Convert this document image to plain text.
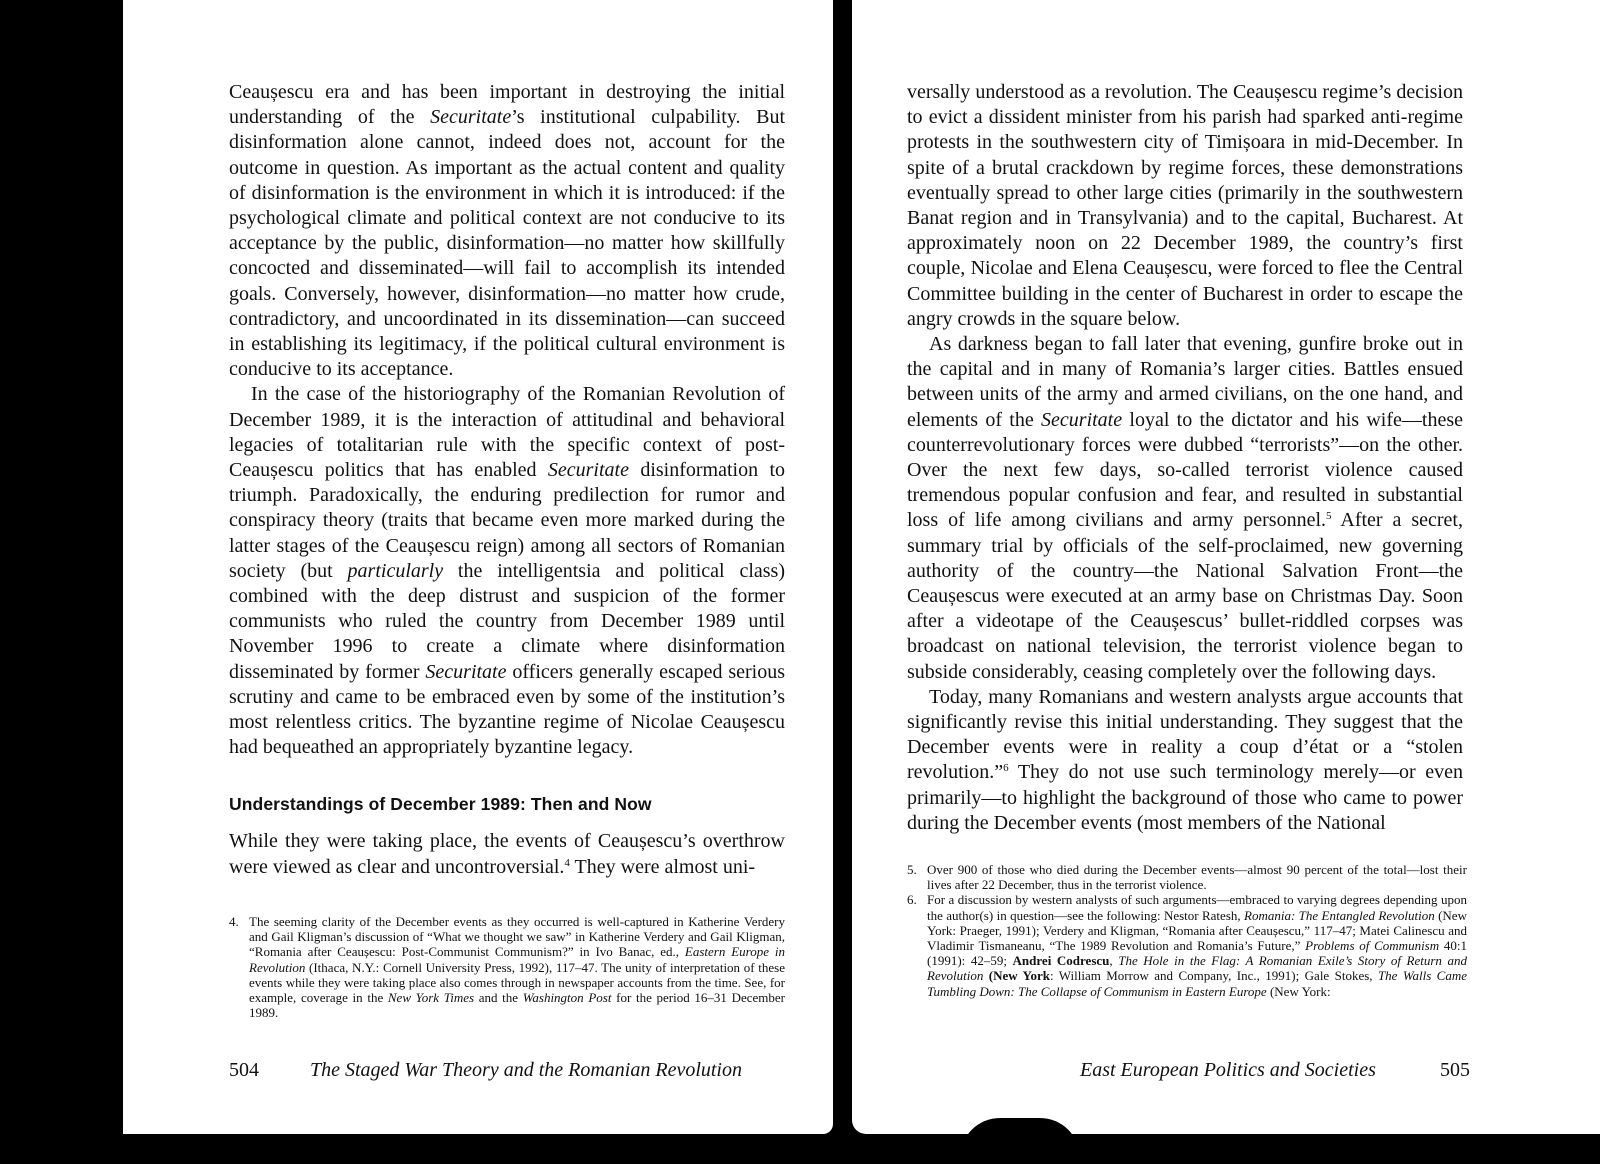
Ceaușescu era and has been important in destroying the initial understanding of the Securitate’s institutional culpability. But disinformation alone cannot, indeed does not, account for the outcome in question. As important as the actual content and quality of disinformation is the environment in which it is introduced: if the psychological climate and political context are not conducive to its acceptance by the public, disinformation—no matter how skillfully concocted and disseminated—will fail to accomplish its intended goals. Conversely, however, disinformation—no matter how crude, contradictory, and uncoordinated in its dissemination—can succeed in establishing its legitimacy, if the political cultural environment is conducive to its acceptance.

In the case of the historiography of the Romanian Revolution of December 1989, it is the interaction of attitudinal and behavioral legacies of totalitarian rule with the specific context of post-Ceaușescu politics that has enabled Securitate disinformation to triumph. Paradoxically, the enduring predilection for rumor and conspiracy theory (traits that became even more marked during the latter stages of the Ceaușescu reign) among all sectors of Romanian society (but particularly the intelligentsia and political class) combined with the deep distrust and suspicion of the former communists who ruled the country from December 1989 until November 1996 to create a climate where disinformation disseminated by former Securitate officers generally escaped serious scrutiny and came to be embraced even by some of the institution’s most relentless critics. The byzantine regime of Nicolae Ceaușescu had bequeathed an appropriately byzantine legacy.

Understandings of December 1989: Then and Now

While they were taking place, the events of Ceaușescu’s overthrow were viewed as clear and uncontroversial.$^4$ They were almost uni-

4. The seeming clarity of the December events as they occurred is well-captured in Katherine Verdery and Gail Kligman’s discussion of “What we thought we saw” in Katherine Verdery and Gail Kligman, “Romania after Ceaușescu: Post-Communist Communism?” in Ivo Banac, ed., Eastern Europe in Revolution (Ithaca, N.Y.: Cornell University Press, 1992), 117–47. The unity of interpretation of these events while they were taking place also comes through in newspaper accounts from the time. See, for example, coverage in the New York Times and the Washington Post for the period 16–31 December 1989.

504	The Staged War Theory and the Romanian Revolution

versally understood as a revolution. The Ceaușescu regime’s decision to evict a dissident minister from his parish had sparked anti-regime protests in the southwestern city of Timișoara in mid-December. In spite of a brutal crackdown by regime forces, these demonstrations eventually spread to other large cities (primarily in the southwestern Banat region and in Transylvania) and to the capital, Bucharest. At approximately noon on 22 December 1989, the country’s first couple, Nicolae and Elena Ceaușescu, were forced to flee the Central Committee building in the center of Bucharest in order to escape the angry crowds in the square below.

As darkness began to fall later that evening, gunfire broke out in the capital and in many of Romania’s larger cities. Battles ensued between units of the army and armed civilians, on the one hand, and elements of the Securitate loyal to the dictator and his wife—these counterrevolutionary forces were dubbed “terrorists”—on the other. Over the next few days, so-called terrorist violence caused tremendous popular confusion and fear, and resulted in substantial loss of life among civilians and army personnel.$^5$ After a secret, summary trial by officials of the self-proclaimed, new governing authority of the country—the National Salvation Front—the Ceaușescus were executed at an army base on Christmas Day. Soon after a videotape of the Ceaușescus’ bullet-riddled corpses was broadcast on national television, the terrorist violence began to subside considerably, ceasing completely over the following days.

Today, many Romanians and western analysts argue accounts that significantly revise this initial understanding. They suggest that the December events were in reality a coup d’état or a “stolen revolution.”$^6$ They do not use such terminology merely—or even primarily—to highlight the background of those who came to power during the December events (most members of the National

5. Over 900 of those who died during the December events—almost 90 percent of the total—lost their lives after 22 December, thus in the terrorist violence.

6. For a discussion by western analysts of such arguments—embraced to varying degrees depending upon the author(s) in question—see the following: Nestor Ratesh, Romania: The Entangled Revolution (New York: Praeger, 1991); Verdery and Kligman, “Romania after Ceaușescu,” 117–47; Matei Calinescu and Vladimir Tismaneanu, “The 1989 Revolution and Romania’s Future,” Problems of Communism 40:1 (1991): 42–59; Andrei Codrescu, The Hole in the Flag: A Romanian Exile’s Story of Return and Revolution (New York: William Morrow and Company, Inc., 1991); Gale Stokes, The Walls Came Tumbling Down: The Collapse of Communism in Eastern Europe (New York:

East European Politics and Societies	505
